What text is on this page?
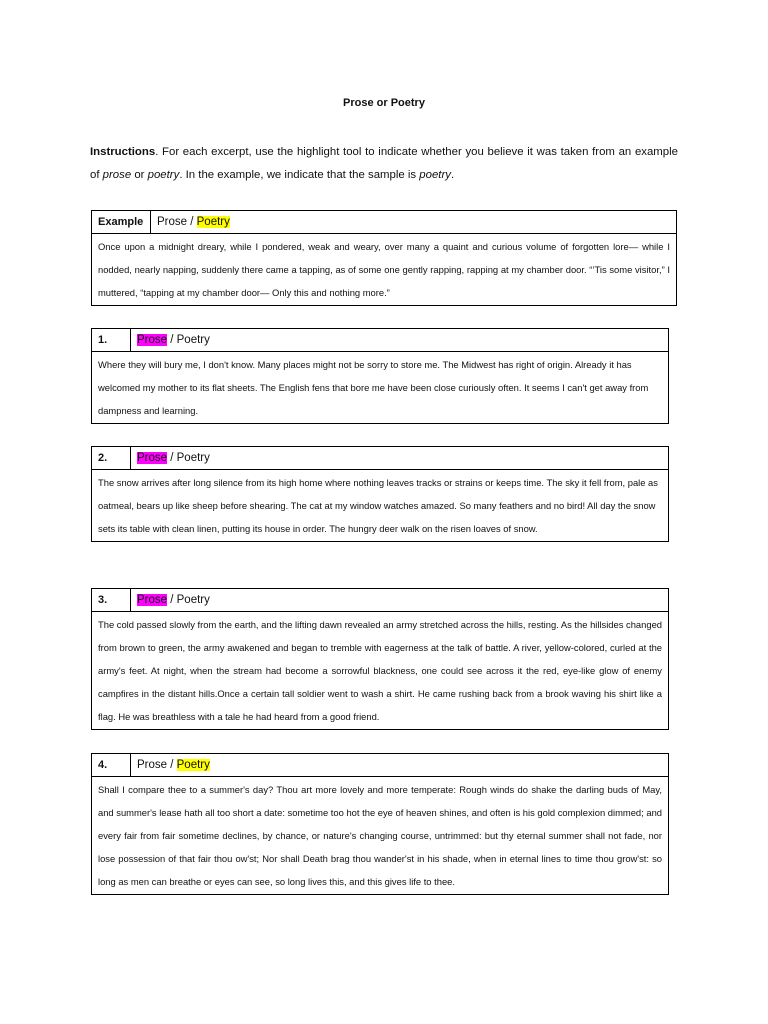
Prose or Poetry
Instructions. For each excerpt, use the highlight tool to indicate whether you believe it was taken from an example of prose or poetry. In the example, we indicate that the sample is poetry.
Example	Prose / Poetry
Once upon a midnight dreary, while I pondered, weak and weary, over many a quaint and curious volume of forgotten lore— while I nodded, nearly napping, suddenly there came a tapping, as of some one gently rapping, rapping at my chamber door. “’Tis some visitor,” I muttered, “tapping at my chamber door— Only this and nothing more.”
1.	Prose / Poetry
Where they will bury me, I don't know. Many places might not be sorry to store me. The Midwest has right of origin. Already it has welcomed my mother to its flat sheets. The English fens that bore me have been close curiously often. It seems I can't get away from dampness and learning.
2.	Prose / Poetry
The snow arrives after long silence from its high home where nothing leaves tracks or strains or keeps time. The sky it fell from, pale as oatmeal, bears up like sheep before shearing. The cat at my window watches amazed. So many feathers and no bird! All day the snow sets its table with clean linen, putting its house in order. The hungry deer walk on the risen loaves of snow.
3.	Prose / Poetry
The cold passed slowly from the earth, and the lifting dawn revealed an army stretched across the hills, resting. As the hillsides changed from brown to green, the army awakened and began to tremble with eagerness at the talk of battle. A river, yellow-colored, curled at the army's feet. At night, when the stream had become a sorrowful blackness, one could see across it the red, eye-like glow of enemy campfires in the distant hills.Once a certain tall soldier went to wash a shirt. He came rushing back from a brook waving his shirt like a flag. He was breathless with a tale he had heard from a good friend.
4.	Prose / Poetry
Shall I compare thee to a summer's day? Thou art more lovely and more temperate: Rough winds do shake the darling buds of May, and summer's lease hath all too short a date: sometime too hot the eye of heaven shines, and often is his gold complexion dimmed; and every fair from fair sometime declines, by chance, or nature's changing course, untrimmed: but thy eternal summer shall not fade, nor lose possession of that fair thou ow'st; Nor shall Death brag thou wander'st in his shade, when in eternal lines to time thou grow'st: so long as men can breathe or eyes can see, so long lives this, and this gives life to thee.
